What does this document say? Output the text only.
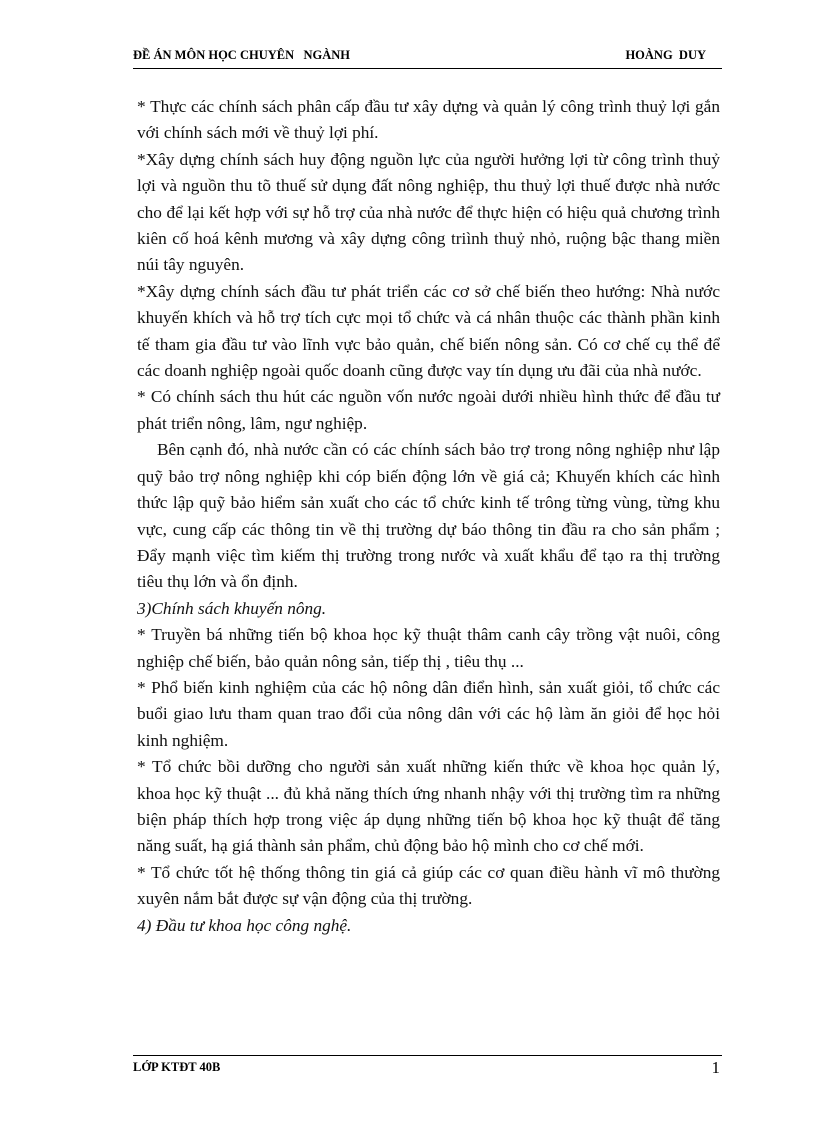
ĐỀ ÁN MÔN HỌC CHUYÊN   NGÀNH	HOÀNG  DUY

* Thực các chính sách phân cấp đầu tư xây dựng và quản lý công trình thuỷ lợi gắn với chính sách mới về thuỷ lợi phí.

*Xây dựng chính sách huy động nguồn lực của người hưởng lợi từ công trình thuỷ lợi và nguồn thu tõ thuế sử dụng đất nông nghiệp, thu thuỷ lợi thuế được nhà nước cho để lại kết hợp với sự hỗ trợ của nhà nước để thực hiện có hiệu quả chương trình kiên cố hoá kênh mương và xây dựng công triình thuỷ nhỏ, ruộng bậc thang miền núi tây nguyên.

*Xây dựng chính sách đầu tư phát triển các cơ sở chế biến theo hướng: Nhà nước khuyến khích và hỗ trợ tích cực mọi tổ chức và cá nhân thuộc các thành phần kinh tế tham gia đầu tư vào lĩnh vực bảo quản, chế biến nông sản. Có cơ chế cụ thể để các doanh nghiệp ngoài quốc doanh cũng được vay tín dụng ưu đãi của nhà nước.

* Có chính sách thu hút các nguồn vốn nước ngoài dưới nhiều hình thức để đầu tư phát triển nông, lâm, ngư nghiệp.

Bên cạnh đó, nhà nước cần có các chính sách bảo trợ trong nông nghiệp như lập quỹ bảo trợ nông nghiệp khi cóp biến động lớn về giá cả; Khuyến khích các hình thức lập quỹ bảo hiểm sản xuất cho các tổ chức kinh tế trông từng vùng, từng khu vực, cung cấp các thông tin về thị trường dự báo thông tin đầu ra cho sản phẩm ; Đẩy mạnh việc tìm kiếm thị trường trong nước và xuất khẩu để tạo ra thị trường tiêu thụ lớn và ổn định.

3)Chính sách khuyến nông.

* Truyền bá những tiến bộ khoa học kỹ thuật thâm canh cây trồng vật nuôi, công nghiệp chế biến, bảo quản nông sản, tiếp thị , tiêu thụ ...

* Phổ biến kinh nghiệm của các hộ nông dân điển hình, sản xuất giỏi, tổ chức các buổi giao lưu tham quan trao đổi của nông dân với các hộ làm ăn giỏi để học hỏi kinh nghiệm.

* Tổ chức bồi dưỡng cho người sản xuất những kiến thức về khoa học quản lý, khoa học kỹ thuật ... đủ khả năng thích ứng nhanh nhậy với thị trường tìm ra những biện pháp thích hợp trong việc áp dụng những tiến bộ khoa học kỹ thuật để tăng năng suất, hạ giá thành sản phẩm, chủ động bảo hộ mình cho cơ chế mới.

* Tổ chức tốt hệ thống thông tin giá cả giúp các cơ quan điều hành vĩ mô thường xuyên nắm bắt được sự vận động của thị trường.

4) Đầu tư khoa học công nghệ.

LỚP KTĐT 40B	1
